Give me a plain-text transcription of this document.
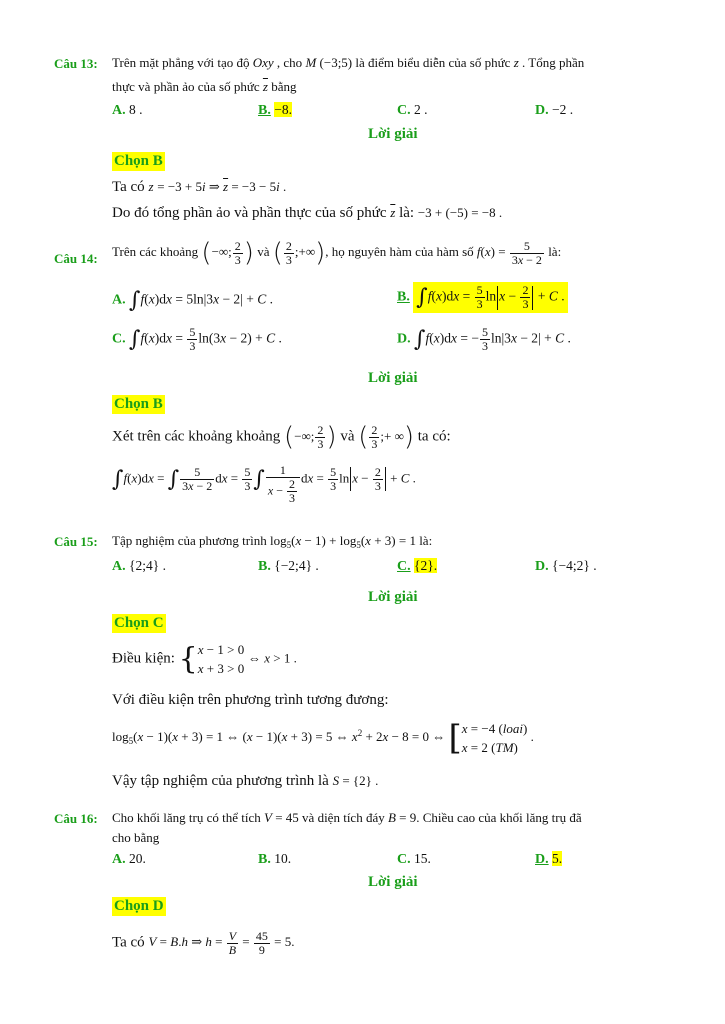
Câu 13: Trên mặt phẳng với tạo độ Oxy , cho M (−3;5) là điểm biểu diễn của số phức z . Tổng phần
thực và phần ảo của số phức $\overline{z}$ bằng
A. 8 .	B. −8.	C. 2 .	D. −2 .
Lời giải
Chọn B
Ta có z = −3 + 5i ⇒ $\overline{z} = -3 - 5i$ .
Do đó tổng phần ảo và phần thực của số phức $\overline{z}$ là: −3 + (−5) = −8 .
Câu 14: Trên các khoảng (−∞; $\frac{2}{3}$ ) và ( $\frac{2}{3}$ ;+∞), họ nguyên hàm của hàm số $f(x) = \frac{5}{3x - 2}$ là:
A. ∫f(x)dx = 5ln|3x − 2| + C .	B. $\int f(x)dx = \frac{5}{3}$ $\ln x - \frac{2}{3} + C$ .
C. $\int f(x)dx = \frac{5}{3} \ln(3x - 2) + C$ .	D. ∫f(x)dx = − $\frac{5}{3} \ln|3x - 2| + C$ .
Lời giải
Chọn B
Xét trên các khoảng khoảng (−∞; $\frac{2}{3}$ ) và ( $\frac{2}{3}$ ;+ ∞) ta có:
∫f(x)dx = ∫ $\frac{5}{3x - 2}$ dx = $\frac{5}{3}$ ∫ $\frac{1}{x - \frac{2}{3}}$ dx = $\frac{5}{3}$ $\ln x - \frac{2}{3} + C$ .
Câu 15: Tập nghiệm của phương trình $\log_5(x - 1) + \log_5(x + 3) = 1$ là:
A. {2;4} .	B. {−2;4} .	C. {2}.	D. {−4;2} .
Lời giải
Chọn C
Điều kiện: {x − 1 > 0
x + 3 > 0 ⇔ x > 1 .
Với điều kiện trên phương trình tương đương:
$\log_5(x - 1)(x + 3) = 1$ ⇔ (x − 1)(x + 3) = 5 ⇔ $x^2 + 2x - 8 = 0$ ⇔ [x = −4 (loai)
x = 2 (TM) .
Vậy tập nghiệm của phương trình là S = {2} .
Câu 16: Cho khối lăng trụ có thể tích V = 45 và diện tích đáy B = 9. Chiều cao của khối lăng trụ đã
cho bằng
A. 20.	B. 10.	C. 15.	D. 5.
Lời giải
Chọn D
Ta có V = B.h ⇒ $h = \frac{V}{B} = \frac{45}{9} = 5$.
